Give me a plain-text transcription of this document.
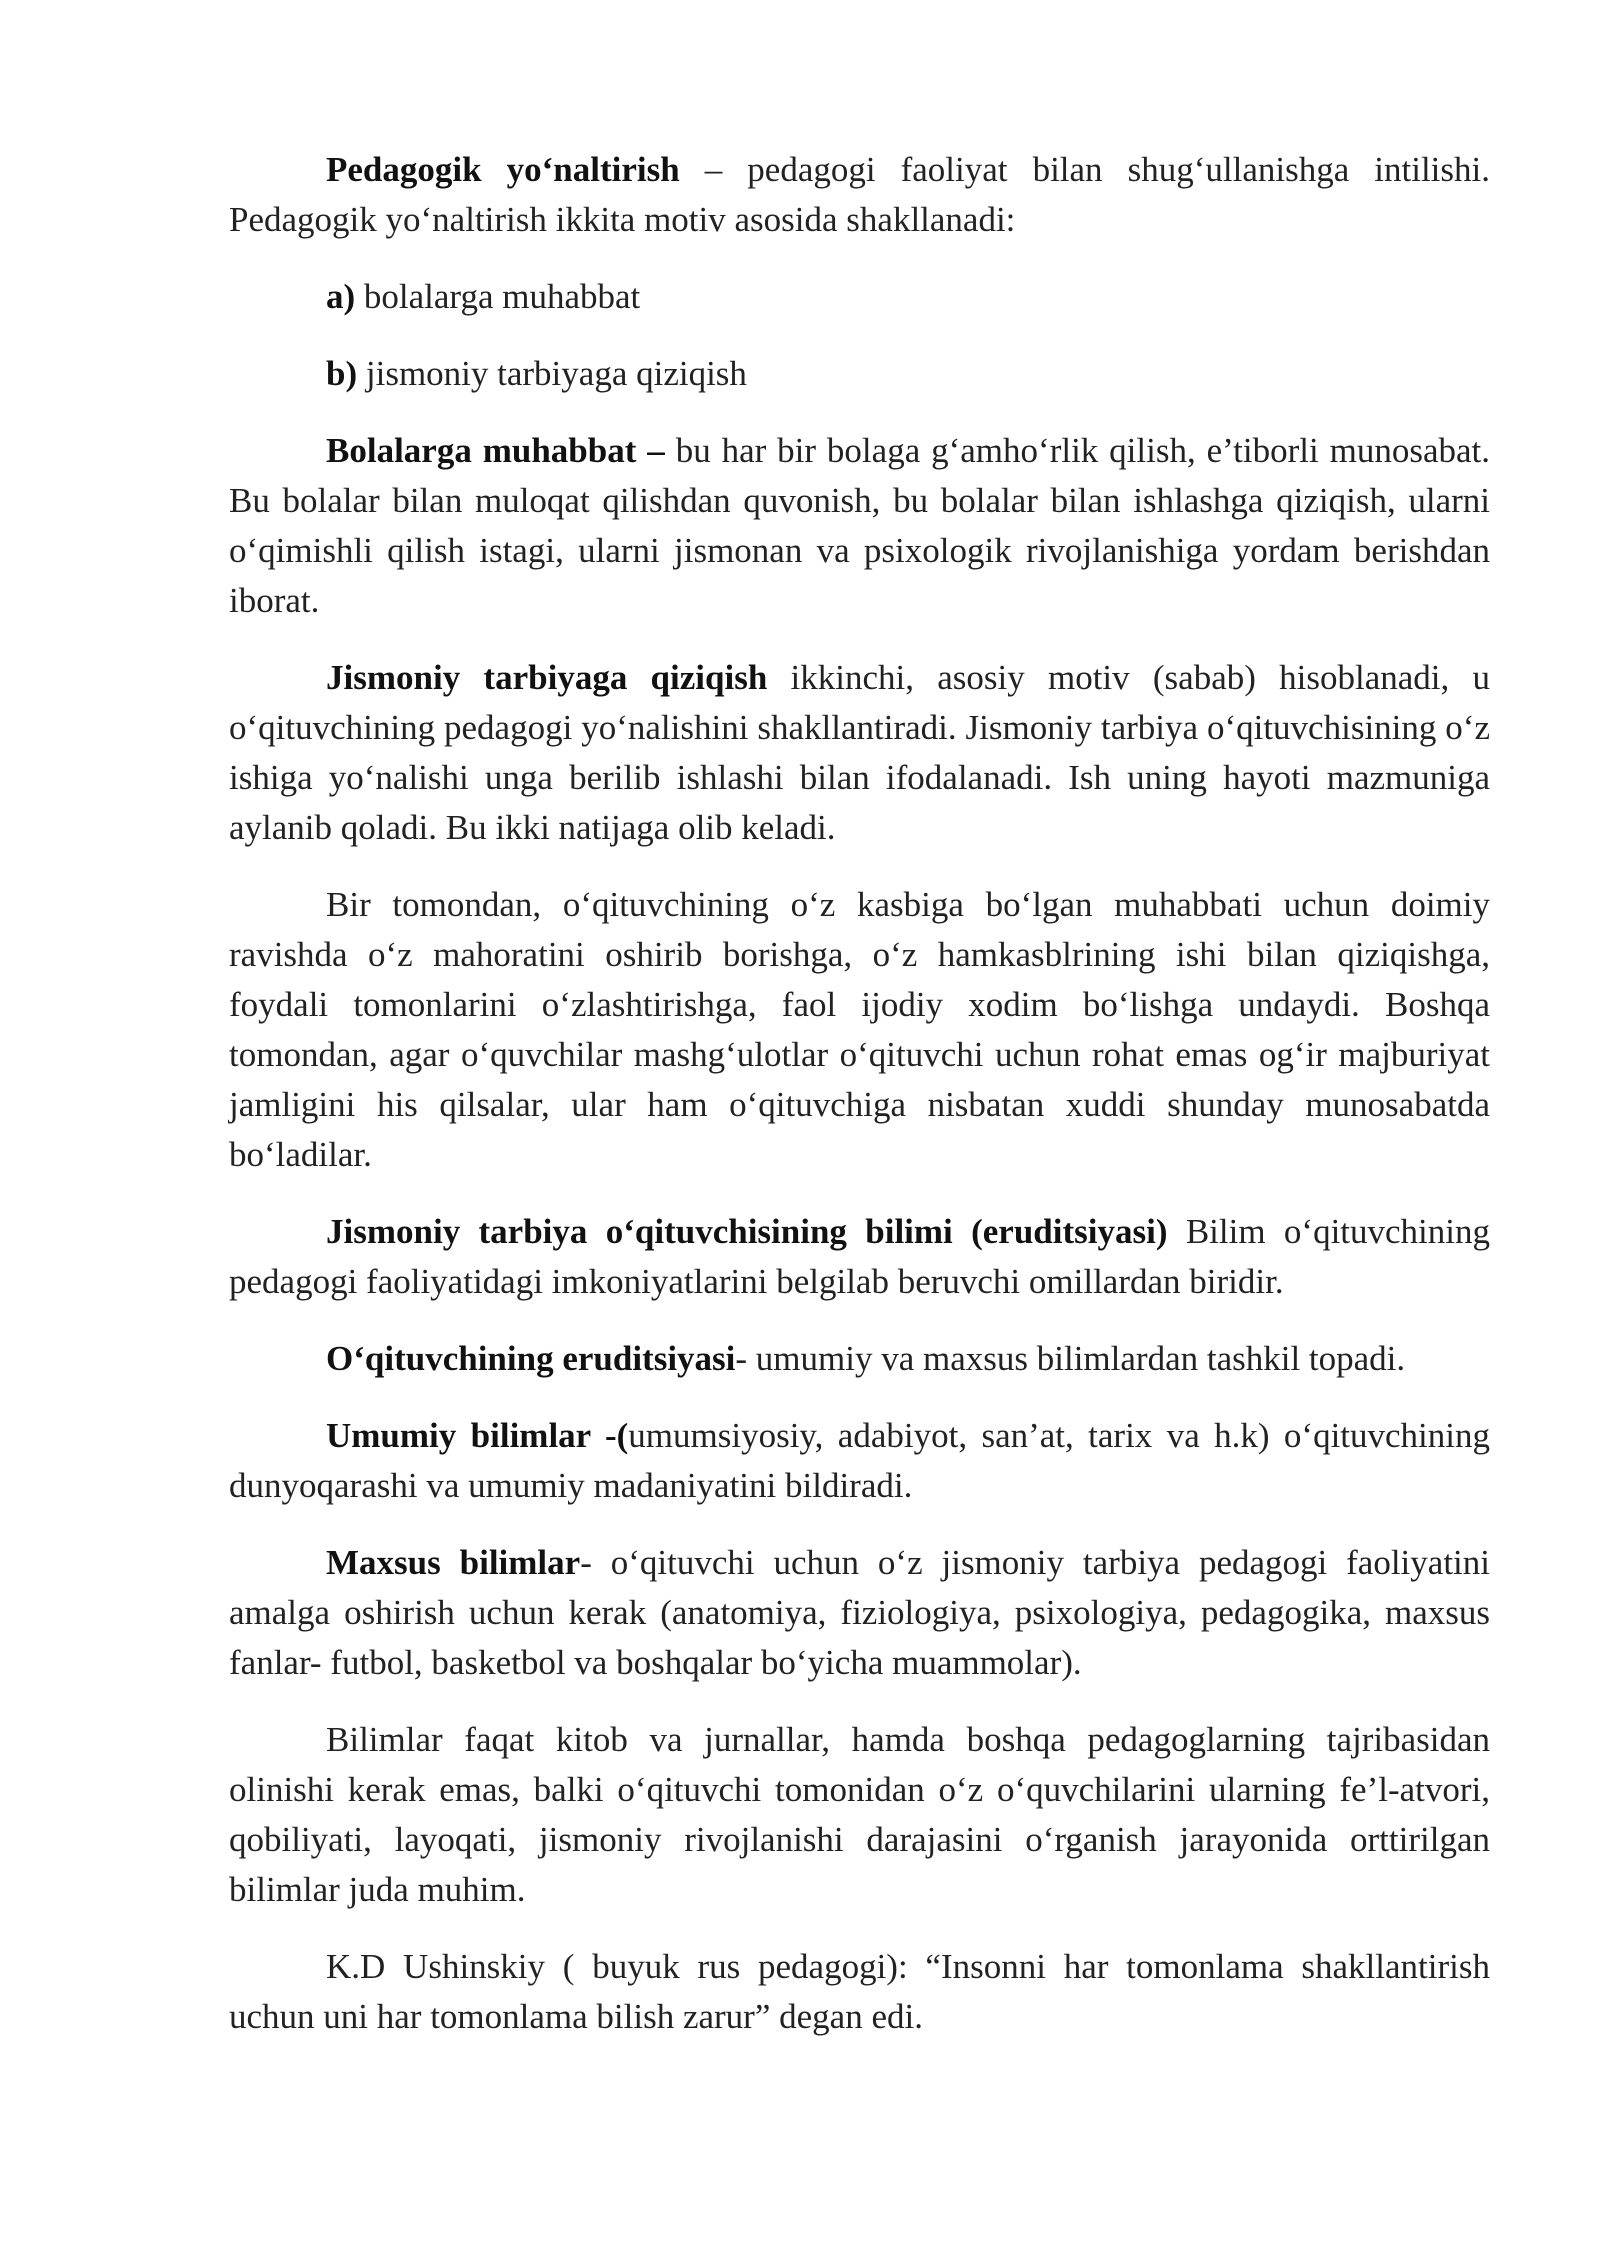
Pedagogik yo‘naltirish – pedagogi faoliyat bilan shug‘ullanishga intilishi. Pedagogik yo‘naltirish ikkita motiv asosida shakllanadi:

a) bolalarga muhabbat

b) jismoniy tarbiyaga qiziqish

Bolalarga muhabbat – bu har bir bolaga g‘amho‘rlik qilish, e’tiborli munosabat. Bu bolalar bilan muloqat qilishdan quvonish, bu bolalar bilan ishlashga qiziqish, ularni o‘qimishli qilish istagi, ularni jismonan va psixologik rivojlanishiga yordam berishdan iborat.

Jismoniy tarbiyaga qiziqish ikkinchi, asosiy motiv (sabab) hisoblanadi, u o‘qituvchining pedagogi yo‘nalishini shakllantiradi. Jismoniy tarbiya o‘qituvchisining o‘z ishiga yo‘nalishi unga berilib ishlashi bilan ifodalanadi. Ish uning hayoti mazmuniga aylanib qoladi. Bu ikki natijaga olib keladi.

Bir tomondan, o‘qituvchining o‘z kasbiga bo‘lgan muhabbati uchun doimiy ravishda o‘z mahoratini oshirib borishga, o‘z hamkasblrining ishi bilan qiziqishga, foydali tomonlarini o‘zlashtirishga, faol ijodiy xodim bo‘lishga undaydi. Boshqa tomondan, agar o‘quvchilar mashg‘ulotlar o‘qituvchi uchun rohat emas og‘ir majburiyat jamligini his qilsalar, ular ham o‘qituvchiga nisbatan xuddi shunday munosabatda bo‘ladilar.

Jismoniy tarbiya o‘qituvchisining bilimi (eruditsiyasi) Bilim o‘qituvchining pedagogi faoliyatidagi imkoniyatlarini belgilab beruvchi omillardan biridir.

O‘qituvchining eruditsiyasi- umumiy va maxsus bilimlardan tashkil topadi.

Umumiy bilimlar -(umumsiyosiy, adabiyot, san’at, tarix va h.k) o‘qituvchining dunyoqarashi va umumiy madaniyatini bildiradi.

Maxsus bilimlar- o‘qituvchi uchun o‘z jismoniy tarbiya pedagogi faoliyatini amalga oshirish uchun kerak (anatomiya, fiziologiya, psixologiya, pedagogika, maxsus fanlar- futbol, basketbol va boshqalar bo‘yicha muammolar).

Bilimlar faqat kitob va jurnallar, hamda boshqa pedagoglarning tajribasidan olinishi kerak emas, balki o‘qituvchi tomonidan o‘z o‘quvchilarini ularning fe’l-atvori, qobiliyati, layoqati, jismoniy rivojlanishi darajasini o‘rganish jarayonida orttirilgan bilimlar juda muhim.

K.D Ushinskiy ( buyuk rus pedagogi): “Insonni har tomonlama shakllantirish uchun uni har tomonlama bilish zarur” degan edi.
